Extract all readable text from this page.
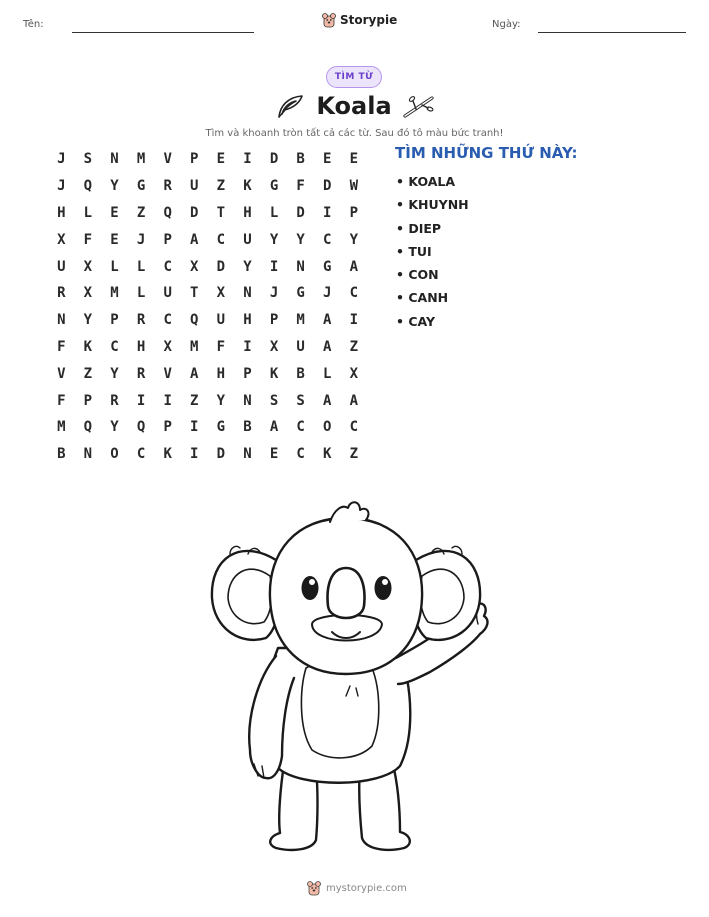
Tên:	Storypie	Ngày:
TÌM TỪ
Koala
Tìm và khoanh tròn tất cả các từ. Sau đó tô màu bức tranh!
J	S	N	M	V	P	E	I	D	B	E	E
J	Q	Y	G	R	U	Z	K	G	F	D	W
H	L	E	Z	Q	D	T	H	L	D	I	P
X	F	E	J	P	A	C	U	Y	Y	C	Y
U	X	L	L	C	X	D	Y	I	N	G	A
R	X	M	L	U	T	X	N	J	G	J	C
N	Y	P	R	C	Q	U	H	P	M	A	I
F	K	C	H	X	M	F	I	X	U	A	Z
V	Z	Y	R	V	A	H	P	K	B	L	X
F	P	R	I	I	Z	Y	N	S	S	A	A
M	Q	Y	Q	P	I	G	B	A	C	O	C
B	N	O	C	K	I	D	N	E	C	K	Z
TÌM NHỮNG THỨ NÀY:
• KOALA
• KHUYNH
• DIEP
• TUI
• CON
• CANH
• CAY
mystorypie.com
